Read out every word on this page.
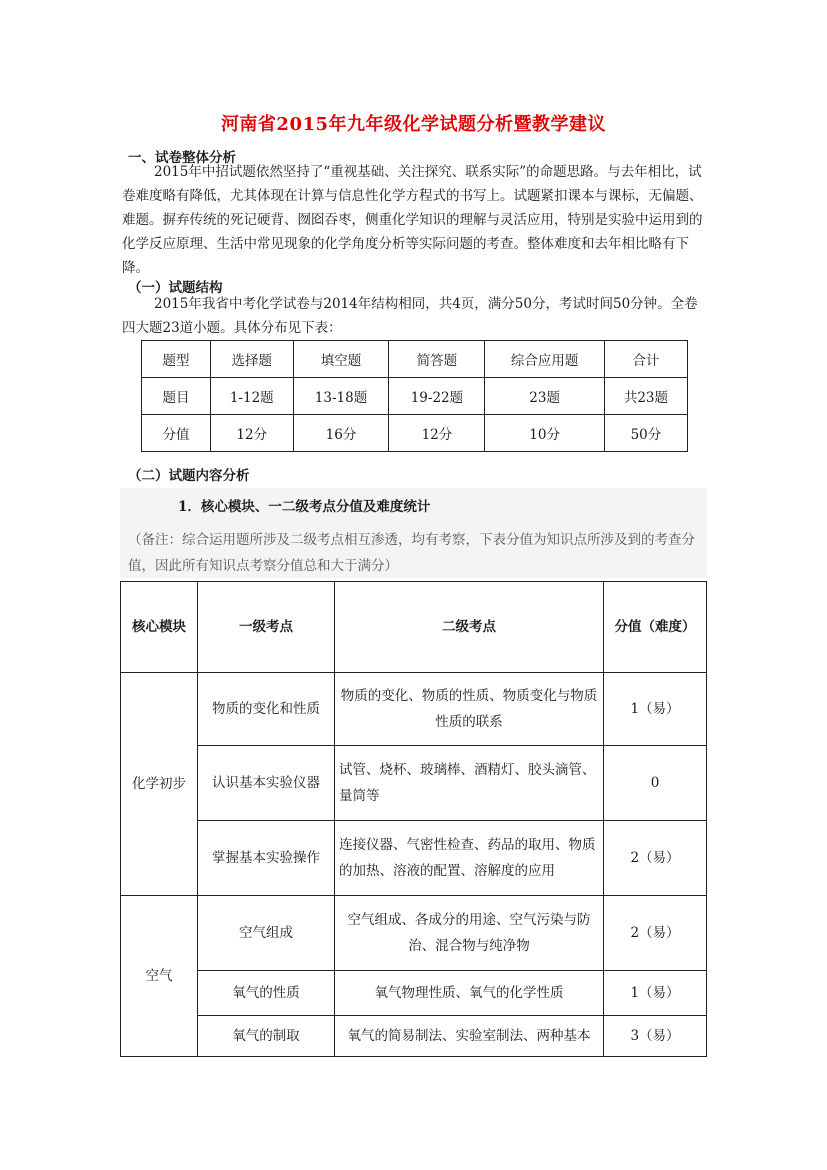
河南省2015年九年级化学试题分析暨教学建议
一、试卷整体分析

2015年中招试题依然坚持了“重视基础、关注探究、联系实际”的命题思路。与去年相比，试卷难度略有降低，尤其体现在计算与信息性化学方程式的书写上。试题紧扣课本与课标，无偏题、难题。摒弃传统的死记硬背、囫囵吞枣，侧重化学知识的理解与灵活应用，特别是实验中运用到的化学反应原理、生活中常见现象的化学角度分析等实际问题的考查。整体难度和去年相比略有下降。

（一）试题结构

2015年我省中考化学试卷与2014年结构相同，共4页，满分50分，考试时间50分钟。全卷四大题23道小题。具体分布见下表：

题型	选择题	填空题	简答题	综合应用题	合计
题目	1-12题	13-18题	19-22题	23题	共23题
分值	12分	16分	12分	10分	50分
（二）试题内容分析
1．核心模块、一二级考点分值及难度统计
（备注：综合运用题所涉及二级考点相互渗透，均有考察，下表分值为知识点所涉及到的考查分值，因此所有知识点考察分值总和大于满分）
核心模块	一级考点	二级考点	分值（难度）
化学初步	物质的变化和性质	物质的变化、物质的性质、物质变化与物质性质的联系	1（易）
	认识基本实验仪器	试管、烧杯、玻璃棒、酒精灯、胶头滴管、量筒等	0
	掌握基本实验操作	连接仪器、气密性检查、药品的取用、物质的加热、溶液的配置、溶解度的应用	2（易）
空气	空气组成	空气组成、各成分的用途、空气污染与防治、混合物与纯净物	2（易）
	氧气的性质	氧气物理性质、氧气的化学性质	1（易）
	氧气的制取	氧气的简易制法、实验室制法、两种基本	3（易）
